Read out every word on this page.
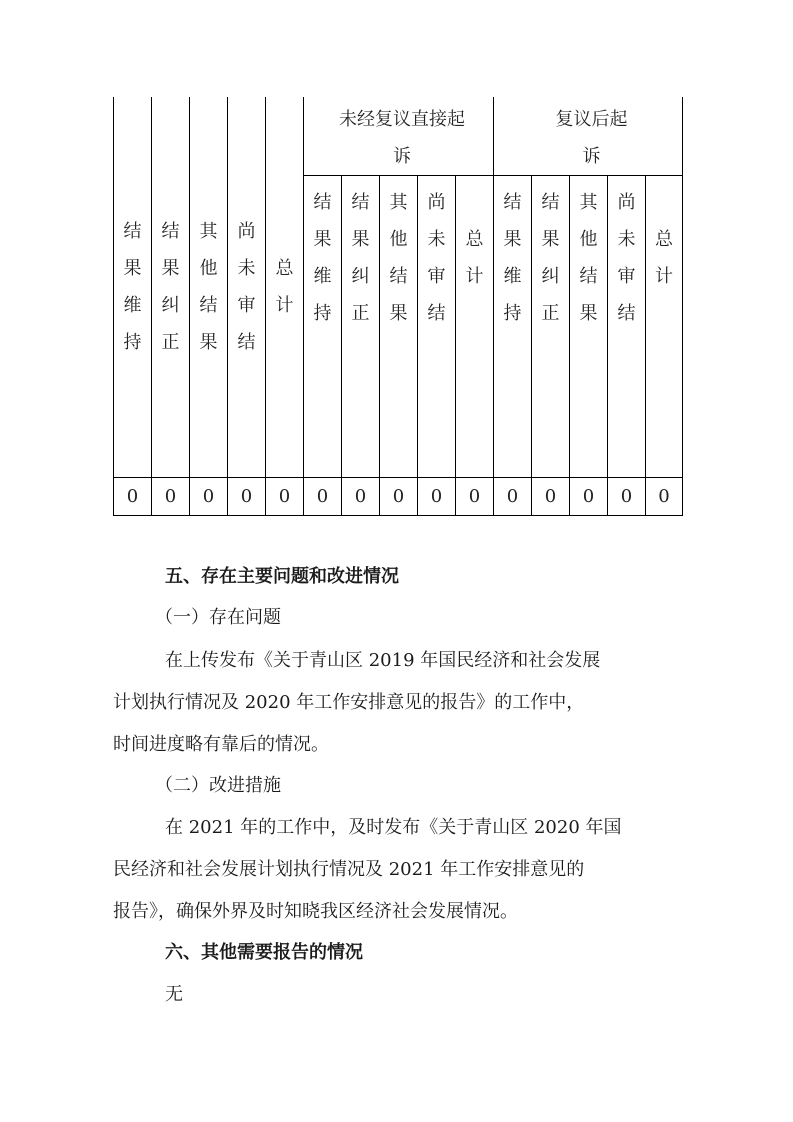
结
果
维
持	结
果
纠
正	其
他
结
果	尚
未
审
结	总
计	未经复议直接起
诉					复议后起
诉				

					结
果
维
持	结
果
纠
正	其
他
结
果	尚
未
审
结	总
计	结
果
维
持	结
果
纠
正	其
他
结
果	尚
未
审
结	总
计

0	0	0	0	0	0	0	0	0	0	0	0	0	0	0

五、存在主要问题和改进情况

（一）存在问题

在上传发布《关于青山区 2019 年国民经济和社会发展

计划执行情况及 2020 年工作安排意见的报告》的工作中，

时间进度略有靠后的情况。

（二）改进措施

在 2021 年的工作中，及时发布《关于青山区 2020 年国

民经济和社会发展计划执行情况及 2021 年工作安排意见的

报告》，确保外界及时知晓我区经济社会发展情况。

六、其他需要报告的情况

无
